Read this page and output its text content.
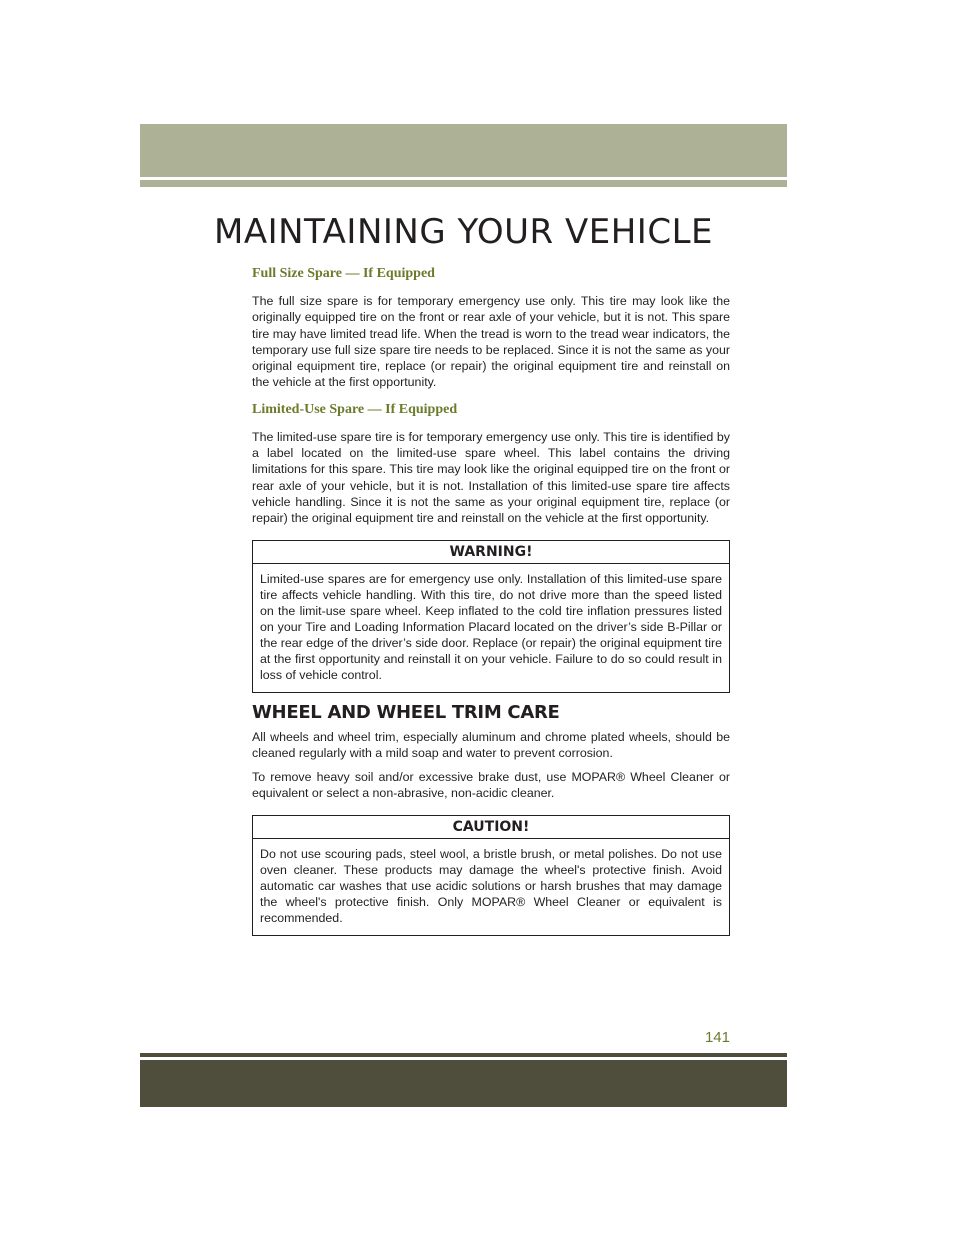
MAINTAINING YOUR VEHICLE
Full Size Spare — If Equipped

The full size spare is for temporary emergency use only. This tire may look like the originally equipped tire on the front or rear axle of your vehicle, but it is not. This spare tire may have limited tread life. When the tread is worn to the tread wear indicators, the temporary use full size spare tire needs to be replaced. Since it is not the same as your original equipment tire, replace (or repair) the original equipment tire and reinstall on the vehicle at the first opportunity.

Limited-Use Spare — If Equipped

The limited-use spare tire is for temporary emergency use only. This tire is identified by a label located on the limited-use spare wheel. This label contains the driving limitations for this spare. This tire may look like the original equipped tire on the front or rear axle of your vehicle, but it is not. Installation of this limited-use spare tire affects vehicle handling. Since it is not the same as your original equipment tire, replace (or repair) the original equipment tire and reinstall on the vehicle at the first opportunity.

WARNING!
Limited-use spares are for emergency use only. Installation of this limited-use spare tire affects vehicle handling. With this tire, do not drive more than the speed listed on the limit-use spare wheel. Keep inflated to the cold tire inflation pressures listed on your Tire and Loading Information Placard located on the driver’s side B-Pillar or the rear edge of the driver’s side door. Replace (or repair) the original equipment tire at the first opportunity and reinstall it on your vehicle. Failure to do so could result in loss of vehicle control.
WHEEL AND WHEEL TRIM CARE

All wheels and wheel trim, especially aluminum and chrome plated wheels, should be cleaned regularly with a mild soap and water to prevent corrosion.

To remove heavy soil and/or excessive brake dust, use MOPAR® Wheel Cleaner or equivalent or select a non-abrasive, non-acidic cleaner.

CAUTION!
Do not use scouring pads, steel wool, a bristle brush, or metal polishes. Do not use oven cleaner. These products may damage the wheel's protective finish. Avoid automatic car washes that use acidic solutions or harsh brushes that may damage the wheel's protective finish. Only MOPAR® Wheel Cleaner or equivalent is recommended.
141
